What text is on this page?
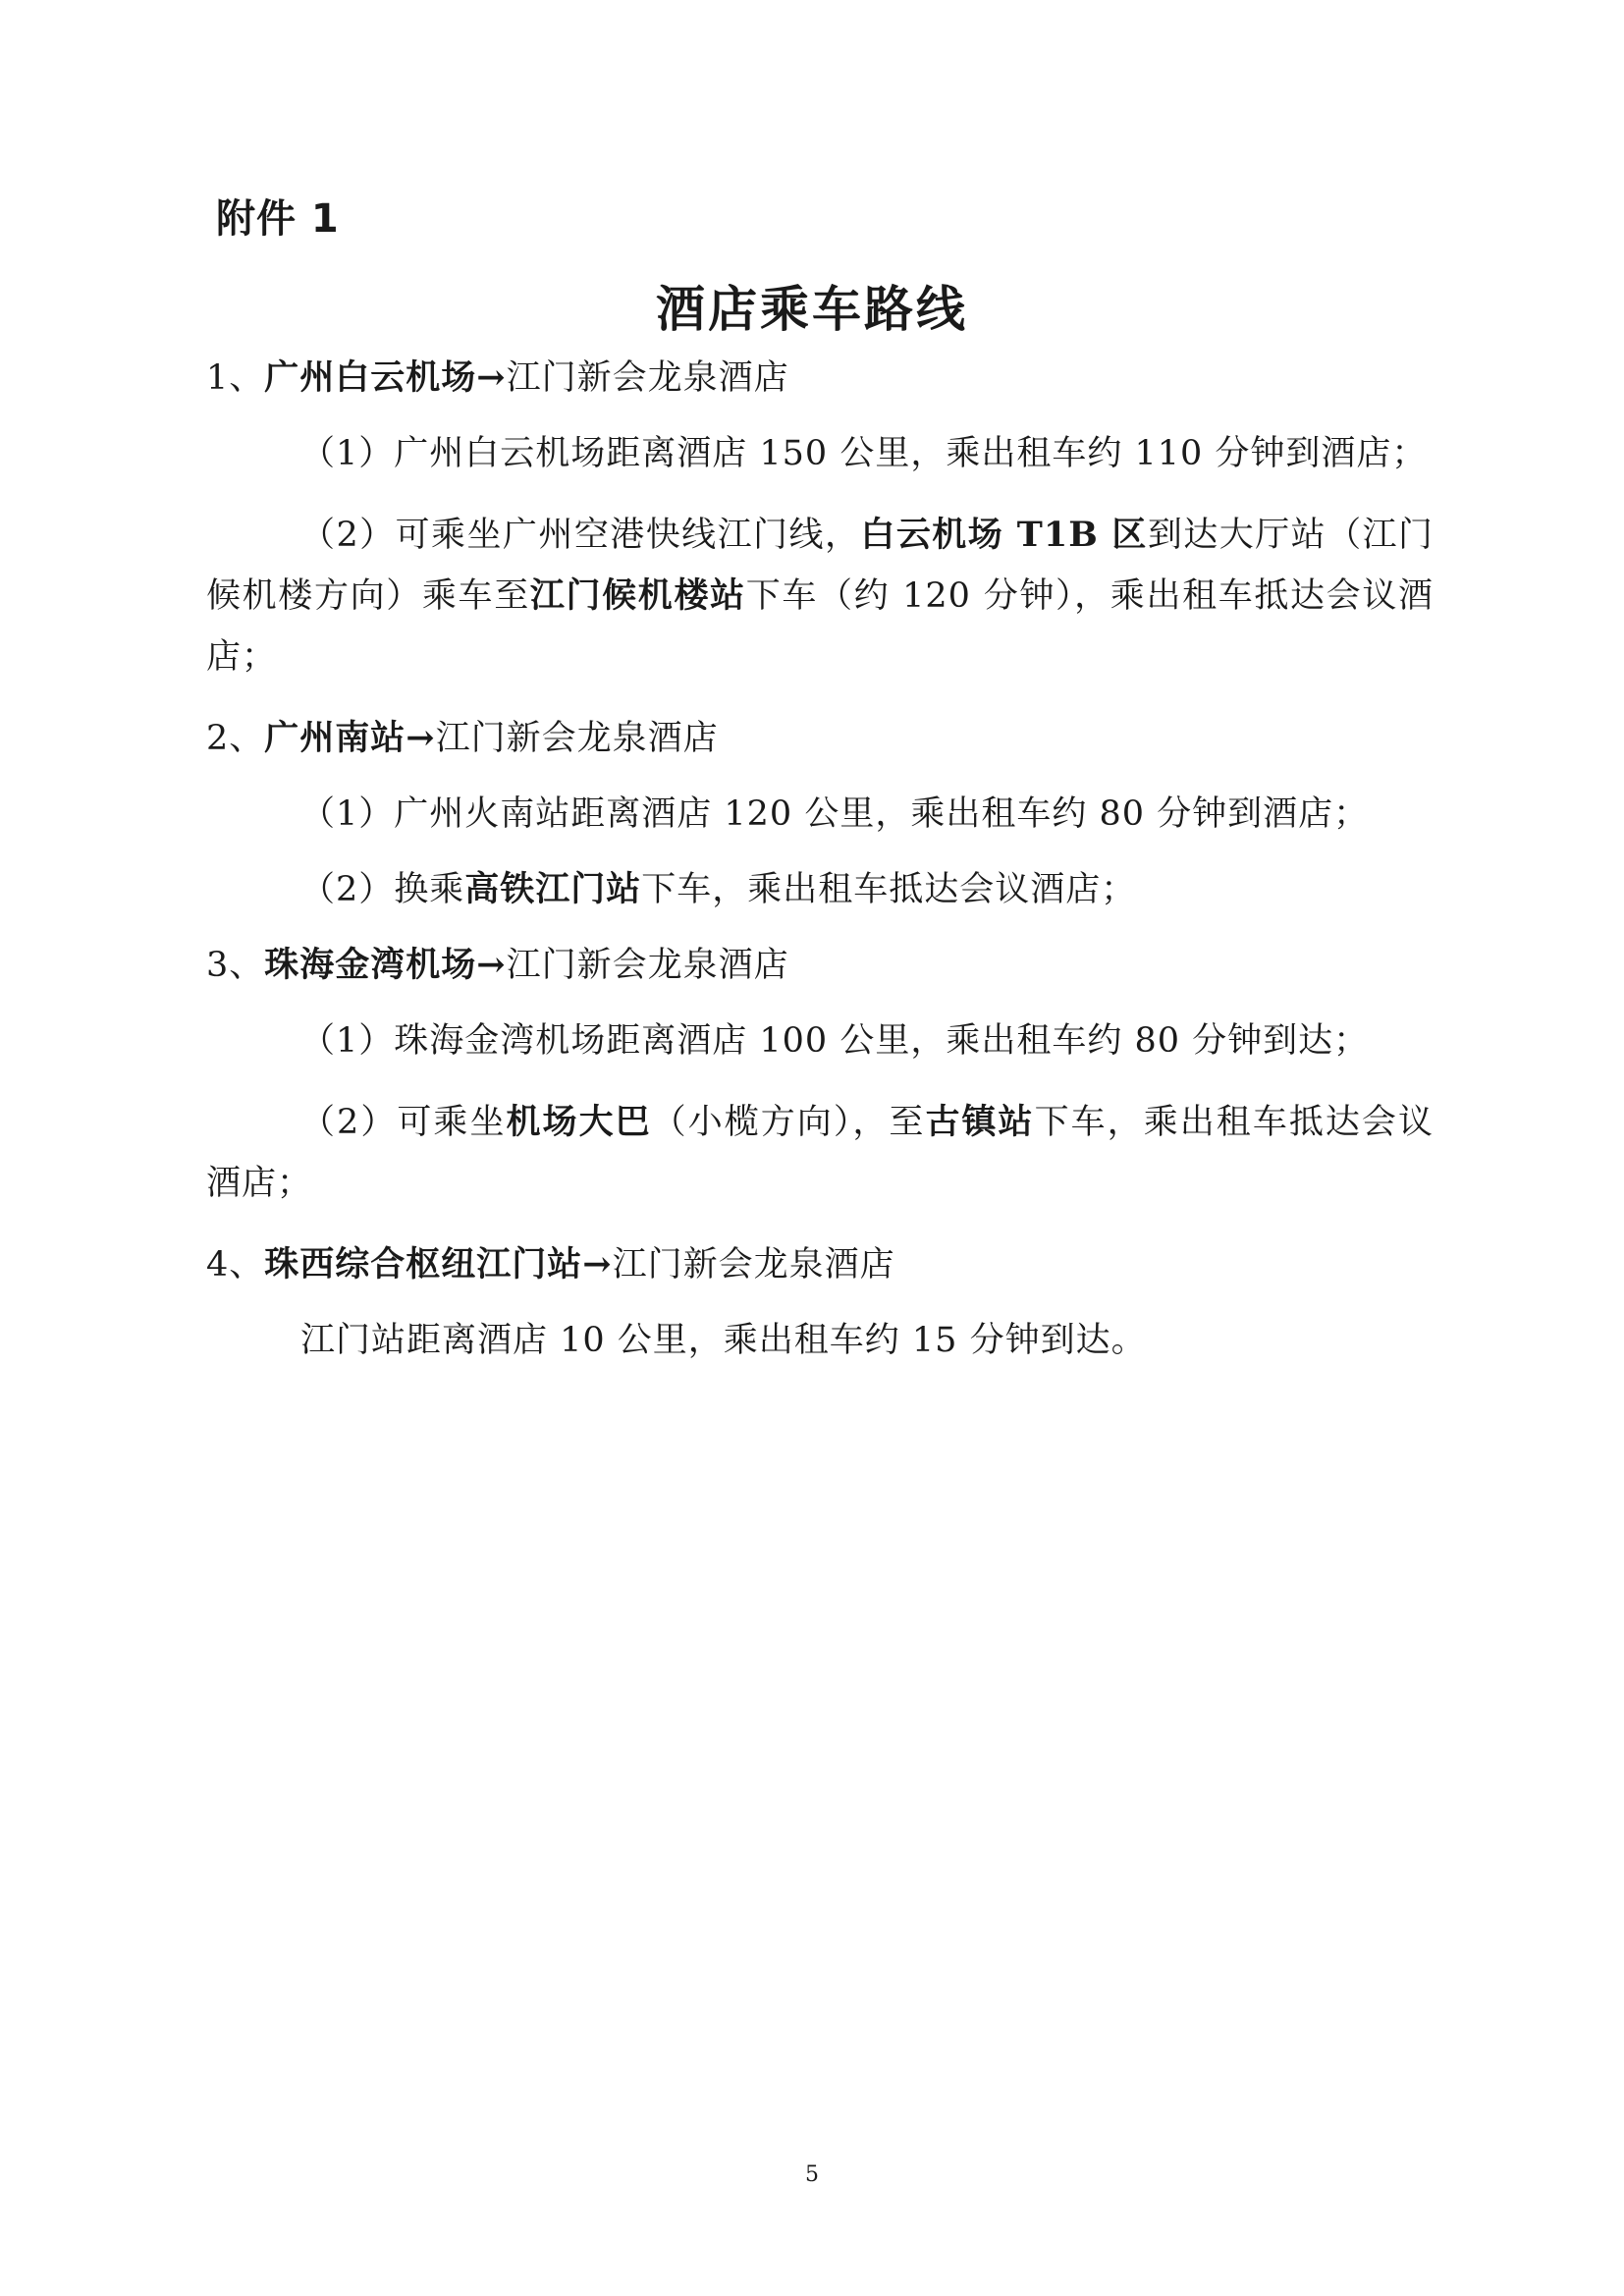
附件 1
酒店乘车路线
1、广州白云机场→江门新会龙泉酒店
（1）广州白云机场距离酒店 150 公里，乘出租车约 110 分钟到酒店；
（2）可乘坐广州空港快线江门线，白云机场 T1B 区到达大厅站（江门候机楼方向）乘车至江门候机楼站下车（约 120 分钟），乘出租车抵达会议酒店；
2、广州南站→江门新会龙泉酒店
（1）广州火南站距离酒店 120 公里，乘出租车约 80 分钟到酒店；
（2）换乘高铁江门站下车，乘出租车抵达会议酒店；
3、珠海金湾机场→江门新会龙泉酒店
（1）珠海金湾机场距离酒店 100 公里，乘出租车约 80 分钟到达；
（2）可乘坐机场大巴（小榄方向），至古镇站下车，乘出租车抵达会议酒店；
4、珠西综合枢纽江门站→江门新会龙泉酒店
江门站距离酒店 10 公里，乘出租车约 15 分钟到达。
5
